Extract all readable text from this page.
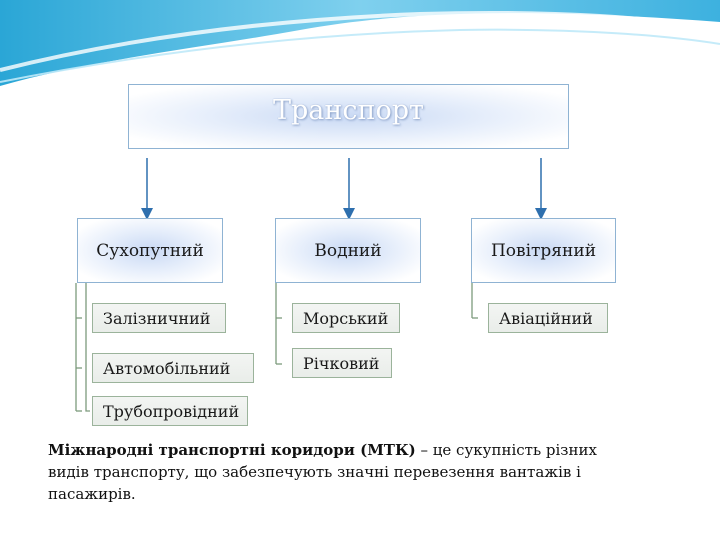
Транспорт
Сухопутний	Водний	Повітряний
Залізничний
Автомобільний
Трубопровідний
Морський
Річковий
Авіаційний
Міжнародні транспортні коридори (МТК) – це сукупність різних видів транспорту, що забезпечують значні перевезення вантажів і пасажирів.
